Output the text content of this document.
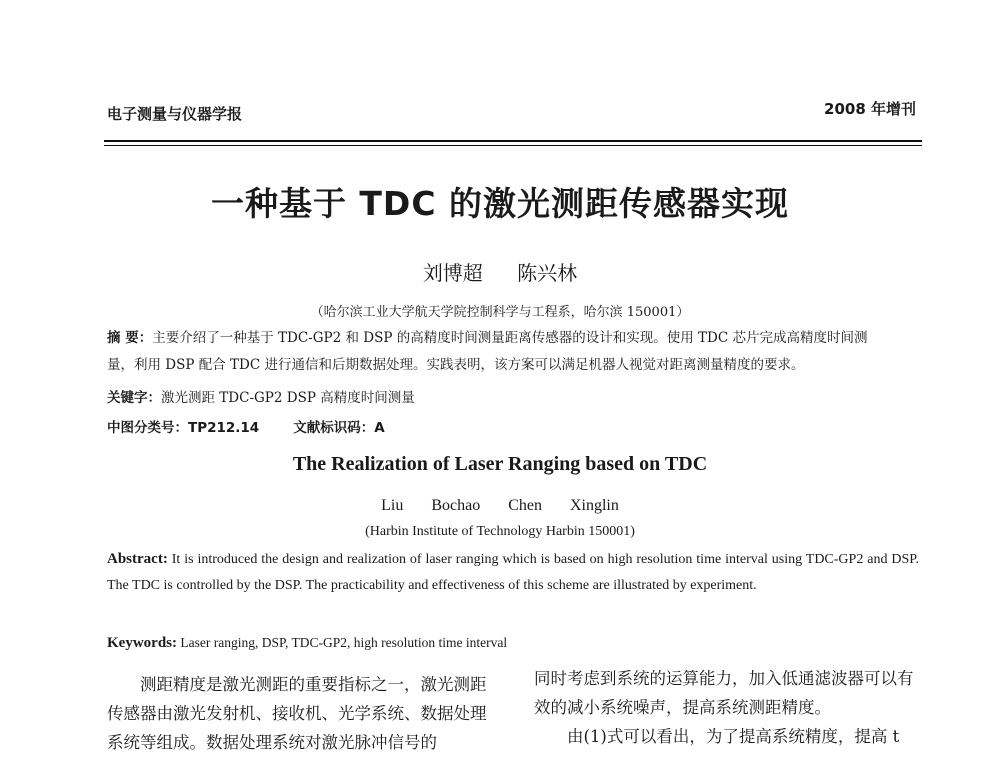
电子测量与仪器学报	2008 年增刊
一种基于 TDC 的激光测距传感器实现
刘博超 陈兴林
（哈尔滨工业大学航天学院控制科学与工程系，哈尔滨 150001）
摘 要：主要介绍了一种基于 TDC-GP2 和 DSP 的高精度时间测量距离传感器的设计和实现。使用 TDC 芯片完成高精度时间测
量，利用 DSP 配合 TDC 进行通信和后期数据处理。实践表明，该方案可以满足机器人视觉对距离测量精度的要求。
关键字：激光测距 TDC-GP2 DSP 高精度时间测量
中图分类号：TP212.14	文献标识码：A
The Realization of Laser Ranging based on TDC
Liu Bochao Chen Xinglin
(Harbin Institute of Technology Harbin 150001)
Abstract: It is introduced the design and realization of laser ranging which is based on high resolution time interval using TDC-GP2 and DSP. The TDC is controlled by the DSP. The practicability and effectiveness of this scheme are illustrated by experiment.
Keywords: Laser ranging, DSP, TDC-GP2, high resolution time interval
测距精度是激光测距的重要指标之一，激光测距传感器由激光发射机、接收机、光学系统、数据处理系统等组成。数据处理系统对激光脉冲信号的
同时考虑到系统的运算能力，加入低通滤波器可以有效的减小系统噪声，提高系统测距精度。
由(1)式可以看出，为了提高系统精度，提高 t
